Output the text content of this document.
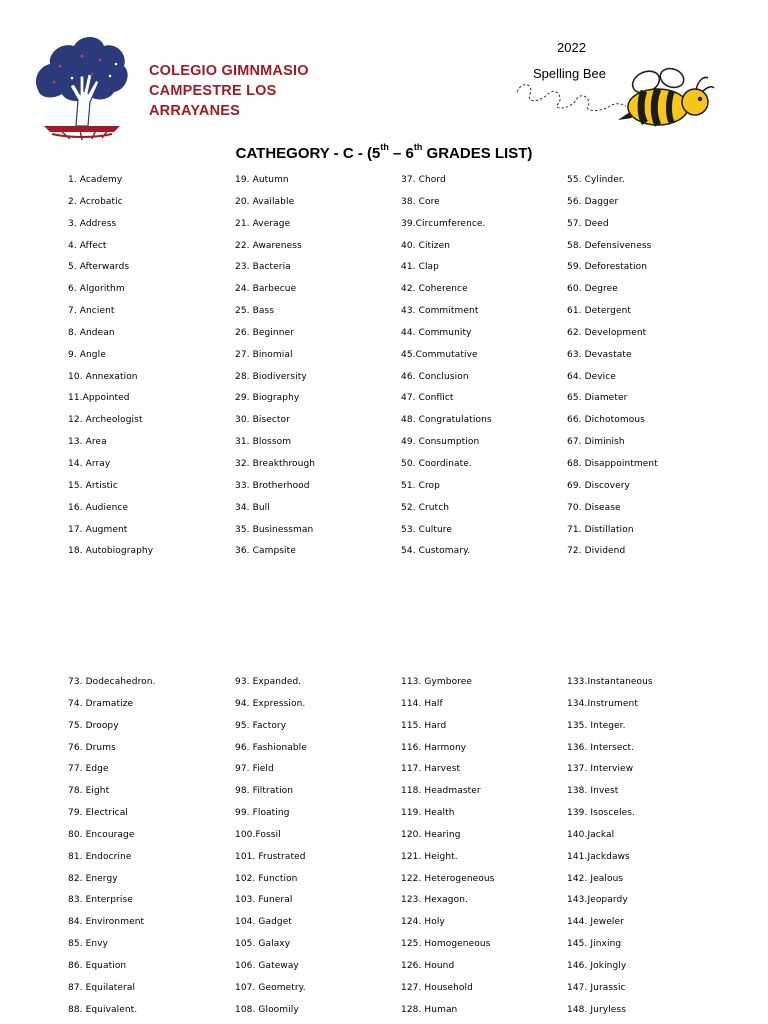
COLEGIO GIMNMASIO
CAMPESTRE LOS
ARRAYANES
2022
Spelling Bee
CATHEGORY - C - (5th – 6th GRADES LIST)
1. Academy
2. Acrobatic
3. Address
4. Affect
5. Afterwards
6. Algorithm
7. Ancient
8. Andean
9. Angle
10. Annexation
11.Appointed
12. Archeologist
13. Area
14. Array
15. Artistic
16. Audience
17. Augment
18. Autobiography
19. Autumn
20. Available
21. Average
22. Awareness
23. Bacteria
24. Barbecue
25. Bass
26. Beginner
27. Binomial
28. Biodiversity
29. Biography
30. Bisector
31. Blossom
32. Breakthrough
33. Brotherhood
34. Bull
35. Businessman
36. Campsite
37. Chord
38. Core
39.Circumference.
40. Citizen
41. Clap
42. Coherence
43. Commitment
44. Community
45.Commutative
46. Conclusion
47. Conflict
48. Congratulations
49. Consumption
50. Coordinate.
51. Crop
52. Crutch
53. Culture
54. Customary.
55. Cylinder.
56. Dagger
57. Deed
58. Defensiveness
59. Deforestation
60. Degree
61. Detergent
62. Development
63. Devastate
64. Device
65. Diameter
66. Dichotomous
67. Diminish
68. Disappointment
69. Discovery
70. Disease
71. Distillation
72. Dividend
73. Dodecahedron.
74. Dramatize
75. Droopy
76. Drums
77. Edge
78. Eight
79. Electrical
80. Encourage
81. Endocrine
82. Energy
83. Enterprise
84. Environment
85. Envy
86. Equation
87. Equilateral
88. Equivalent.
93. Expanded.
94. Expression.
95. Factory
96. Fashionable
97. Field
98. Filtration
99. Floating
100.Fossil
101. Frustrated
102. Function
103. Funeral
104. Gadget
105. Galaxy
106. Gateway
107. Geometry.
108. Gloomily
113. Gymboree
114. Half
115. Hard
116. Harmony
117. Harvest
118. Headmaster
119. Health
120. Hearing
121. Height.
122. Heterogeneous
123. Hexagon.
124. Holy
125. Homogeneous
126. Hound
127. Household
128. Human
133.Instantaneous
134.Instrument
135. Integer.
136. Intersect.
137. Interview
138. Invest
139. Isosceles.
140.Jackal
141.Jackdaws
142. Jealous
143.Jeopardy
144. Jeweler
145. Jinxing
146. Jokingly
147. Jurassic
148. Juryless
